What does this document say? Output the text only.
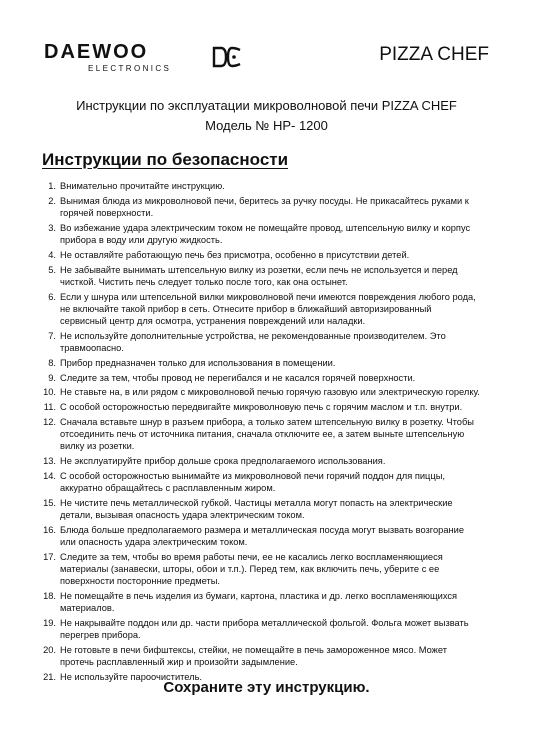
DAEWOO
ELECTRONICS
PIZZA CHEF
Инструкции по эксплуатации микроволновой печи PIZZA CHEF
Модель № HP- 1200
Инструкции по безопасности
1. Внимательно прочитайте инструкцию.
2. Вынимая блюда из микроволновой печи, беритесь за ручку посуды. Не прикасайтесь руками к горячей поверхности.
3. Во избежание удара электрическим током не помещайте провод, штепсельную вилку и корпус прибора в воду или другую жидкость.
4. Не оставляйте работающую печь без присмотра, особенно в присутствии детей.
5. Не забывайте вынимать штепсельную вилку из розетки, если печь не используется и перед чисткой. Чистить печь следует только после того, как она остынет.
6. Если у шнура или штепсельной вилки микроволновой печи имеются повреждения любого рода, не включайте такой прибор в сеть. Отнесите прибор в ближайший авторизированный сервисный центр для осмотра, устранения повреждений или наладки.
7. Не используйте дополнительные устройства, не рекомендованные производителем. Это травмоопасно.
8. Прибор предназначен только для использования в помещении.
9. Следите за тем, чтобы провод не перегибался и не касался горячей поверхности.
10. Не ставьте на, в или рядом с микроволновой печью горячую газовую или электрическую горелку.
11. С особой осторожностью передвигайте микроволновую печь с горячим маслом и т.п. внутри.
12. Сначала вставьте шнур в разъем прибора, а только затем штепсельную вилку в розетку. Чтобы отсоединить печь от источника питания, сначала отключите ее, а затем выньте штепсельную вилку из розетки.
13. Не эксплуатируйте прибор дольше срока предполагаемого использования.
14. С особой осторожностью вынимайте из микроволновой печи горячий поддон для пиццы, аккуратно обращайтесь с расплавленным жиром.
15. Не чистите печь металлической губкой. Частицы металла могут попасть на электрические детали, вызывая опасность удара электрическим током.
16. Блюда больше предполагаемого размера и металлическая посуда могут вызвать возгорание или опасность удара электрическим током.
17. Следите за тем, чтобы во время работы печи, ее не касались легко воспламеняющиеся материалы (занавески, шторы, обои и т.п.). Перед тем, как включить печь, уберите с ее поверхности посторонние предметы.
18. Не помещайте в печь изделия из бумаги, картона, пластика и др. легко воспламеняющихся материалов.
19. Не накрывайте поддон или др. части прибора металлической фольгой. Фольга может вызвать перегрев прибора.
20. Не готовьте в печи бифштексы, стейки, не помещайте в печь замороженное мясо. Может протечь расплавленный жир и произойти задымление.
21. Не используйте пароочиститель.
Сохраните эту инструкцию.
